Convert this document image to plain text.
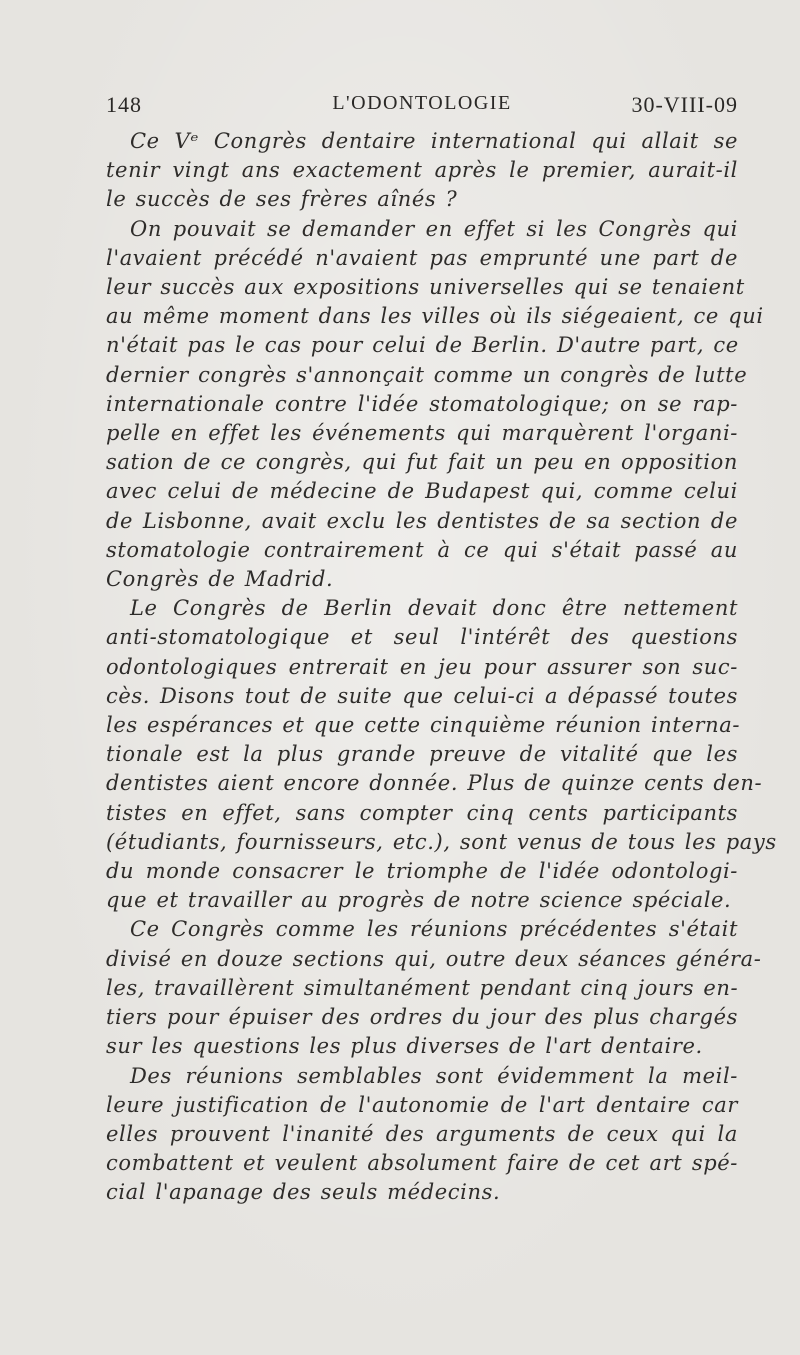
148	L'ODONTOLOGIE	30-VIII-09

Ce Vᵉ Congrès dentaire international qui allait se

tenir vingt ans exactement après le premier, aurait-il

le succès de ses frères aînés ?

On pouvait se demander en effet si les Congrès qui

l'avaient précédé n'avaient pas emprunté une part de

leur succès aux expositions universelles qui se tenaient

au même moment dans les villes où ils siégeaient, ce qui

n'était pas le cas pour celui de Berlin. D'autre part, ce

dernier congrès s'annonçait comme un congrès de lutte

internationale contre l'idée stomatologique; on se rap-

pelle en effet les événements qui marquèrent l'organi-

sation de ce congrès, qui fut fait un peu en opposition

avec celui de médecine de Budapest qui, comme celui

de Lisbonne, avait exclu les dentistes de sa section de

stomatologie contrairement à ce qui s'était passé au

Congrès de Madrid.

Le Congrès de Berlin devait donc être nettement

anti-stomatologique et seul l'intérêt des questions

odontologiques entrerait en jeu pour assurer son suc-

cès. Disons tout de suite que celui-ci a dépassé toutes

les espérances et que cette cinquième réunion interna-

tionale est la plus grande preuve de vitalité que les

dentistes aient encore donnée. Plus de quinze cents den-

tistes en effet, sans compter cinq cents participants

(étudiants, fournisseurs, etc.), sont venus de tous les pays

du monde consacrer le triomphe de l'idée odontologi-

que et travailler au progrès de notre science spéciale.

Ce Congrès comme les réunions précédentes s'était

divisé en douze sections qui, outre deux séances généra-

les, travaillèrent simultanément pendant cinq jours en-

tiers pour épuiser des ordres du jour des plus chargés

sur les questions les plus diverses de l'art dentaire.

Des réunions semblables sont évidemment la meil-

leure justification de l'autonomie de l'art dentaire car

elles prouvent l'inanité des arguments de ceux qui la

combattent et veulent absolument faire de cet art spé-

cial l'apanage des seuls médecins.
